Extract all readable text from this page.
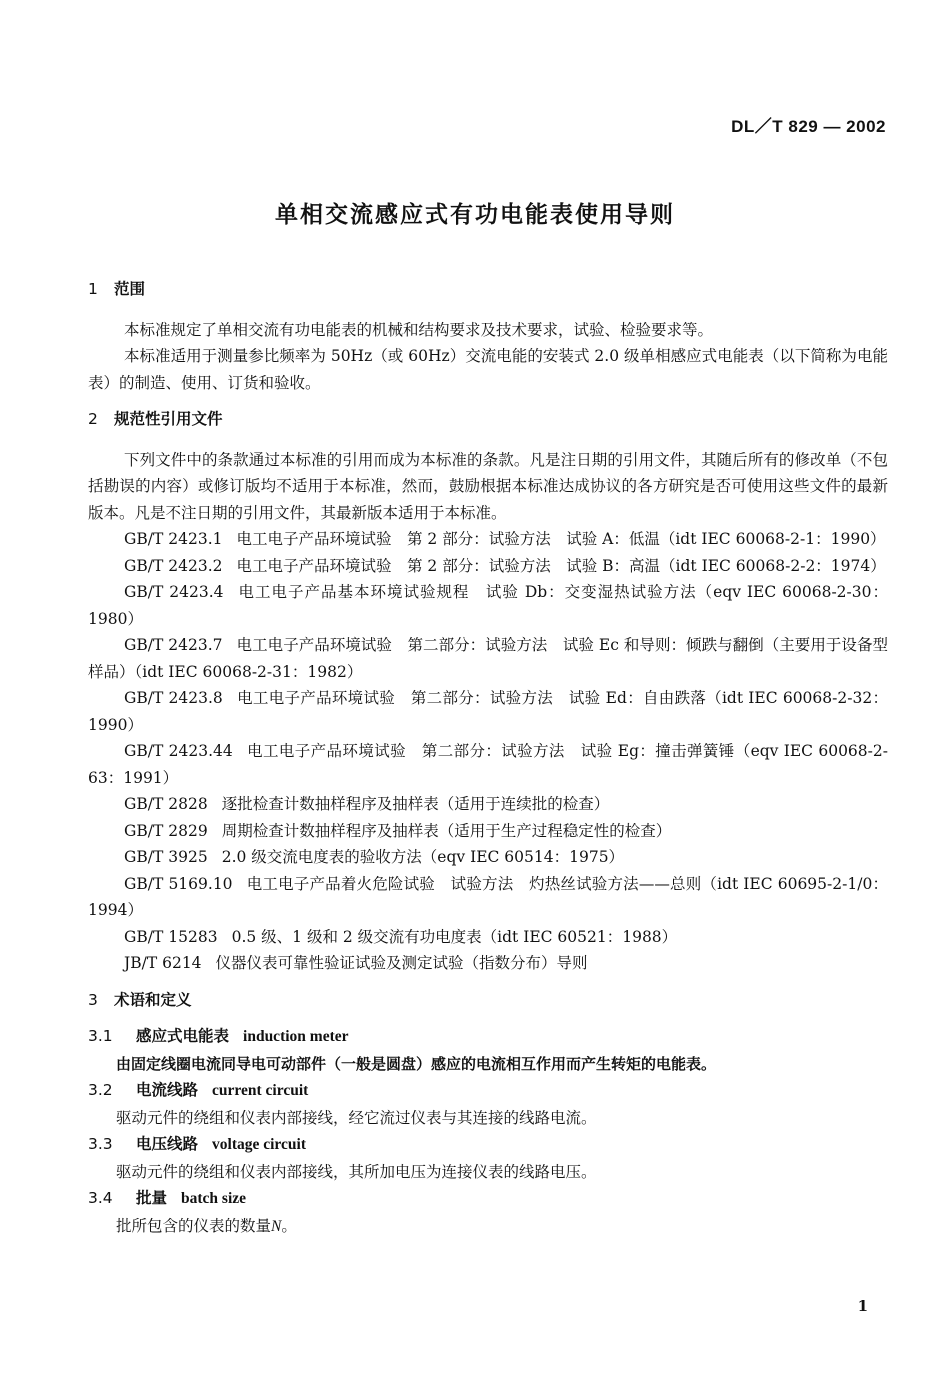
DL／T 829 — 2002
单相交流感应式有功电能表使用导则
1 范围

本标准规定了单相交流有功电能表的机械和结构要求及技术要求，试验、检验要求等。

本标准适用于测量参比频率为 50Hz（或 60Hz）交流电能的安装式 2.0 级单相感应式电能表（以下简称为电能表）的制造、使用、订货和验收。

2 规范性引用文件

下列文件中的条款通过本标准的引用而成为本标准的条款。凡是注日期的引用文件，其随后所有的修改单（不包括勘误的内容）或修订版均不适用于本标准，然而，鼓励根据本标准达成协议的各方研究是否可使用这些文件的最新版本。凡是不注日期的引用文件，其最新版本适用于本标准。

GB/T 2423.1 电工电子产品环境试验　第 2 部分：试验方法　试验 A：低温（idt IEC 60068-2-1：1990）

GB/T 2423.2 电工电子产品环境试验　第 2 部分：试验方法　试验 B：高温（idt IEC 60068-2-2：1974）

GB/T 2423.4 电工电子产品基本环境试验规程　试验 Db：交变湿热试验方法（eqv IEC 60068-2-30：1980）

GB/T 2423.7 电工电子产品环境试验　第二部分：试验方法　试验 Ec 和导则：倾跌与翻倒（主要用于设备型样品）（idt IEC 60068-2-31：1982）

GB/T 2423.8 电工电子产品环境试验　第二部分：试验方法　试验 Ed：自由跌落（idt IEC 60068-2-32：1990）

GB/T 2423.44 电工电子产品环境试验　第二部分：试验方法　试验 Eg：撞击弹簧锤（eqv IEC 60068-2-63：1991）

GB/T 2828 逐批检查计数抽样程序及抽样表（适用于连续批的检查）

GB/T 2829 周期检查计数抽样程序及抽样表（适用于生产过程稳定性的检查）

GB/T 3925 2.0 级交流电度表的验收方法（eqv IEC 60514：1975）

GB/T 5169.10 电工电子产品着火危险试验　试验方法　灼热丝试验方法——总则（idt IEC 60695-2-1/0：1994）

GB/T 15283 0.5 级、1 级和 2 级交流有功电度表（idt IEC 60521：1988）

JB/T 6214 仪器仪表可靠性验证试验及测定试验（指数分布）导则

3 术语和定义
3.1 感应式电能表 induction meter

由固定线圈电流同导电可动部件（一般是圆盘）感应的电流相互作用而产生转矩的电能表。

3.2 电流线路 current circuit

驱动元件的绕组和仪表内部接线，经它流过仪表与其连接的线路电流。

3.3 电压线路 voltage circuit

驱动元件的绕组和仪表内部接线，其所加电压为连接仪表的线路电压。

3.4 批量 batch size

批所包含的仪表的数量N。

1
